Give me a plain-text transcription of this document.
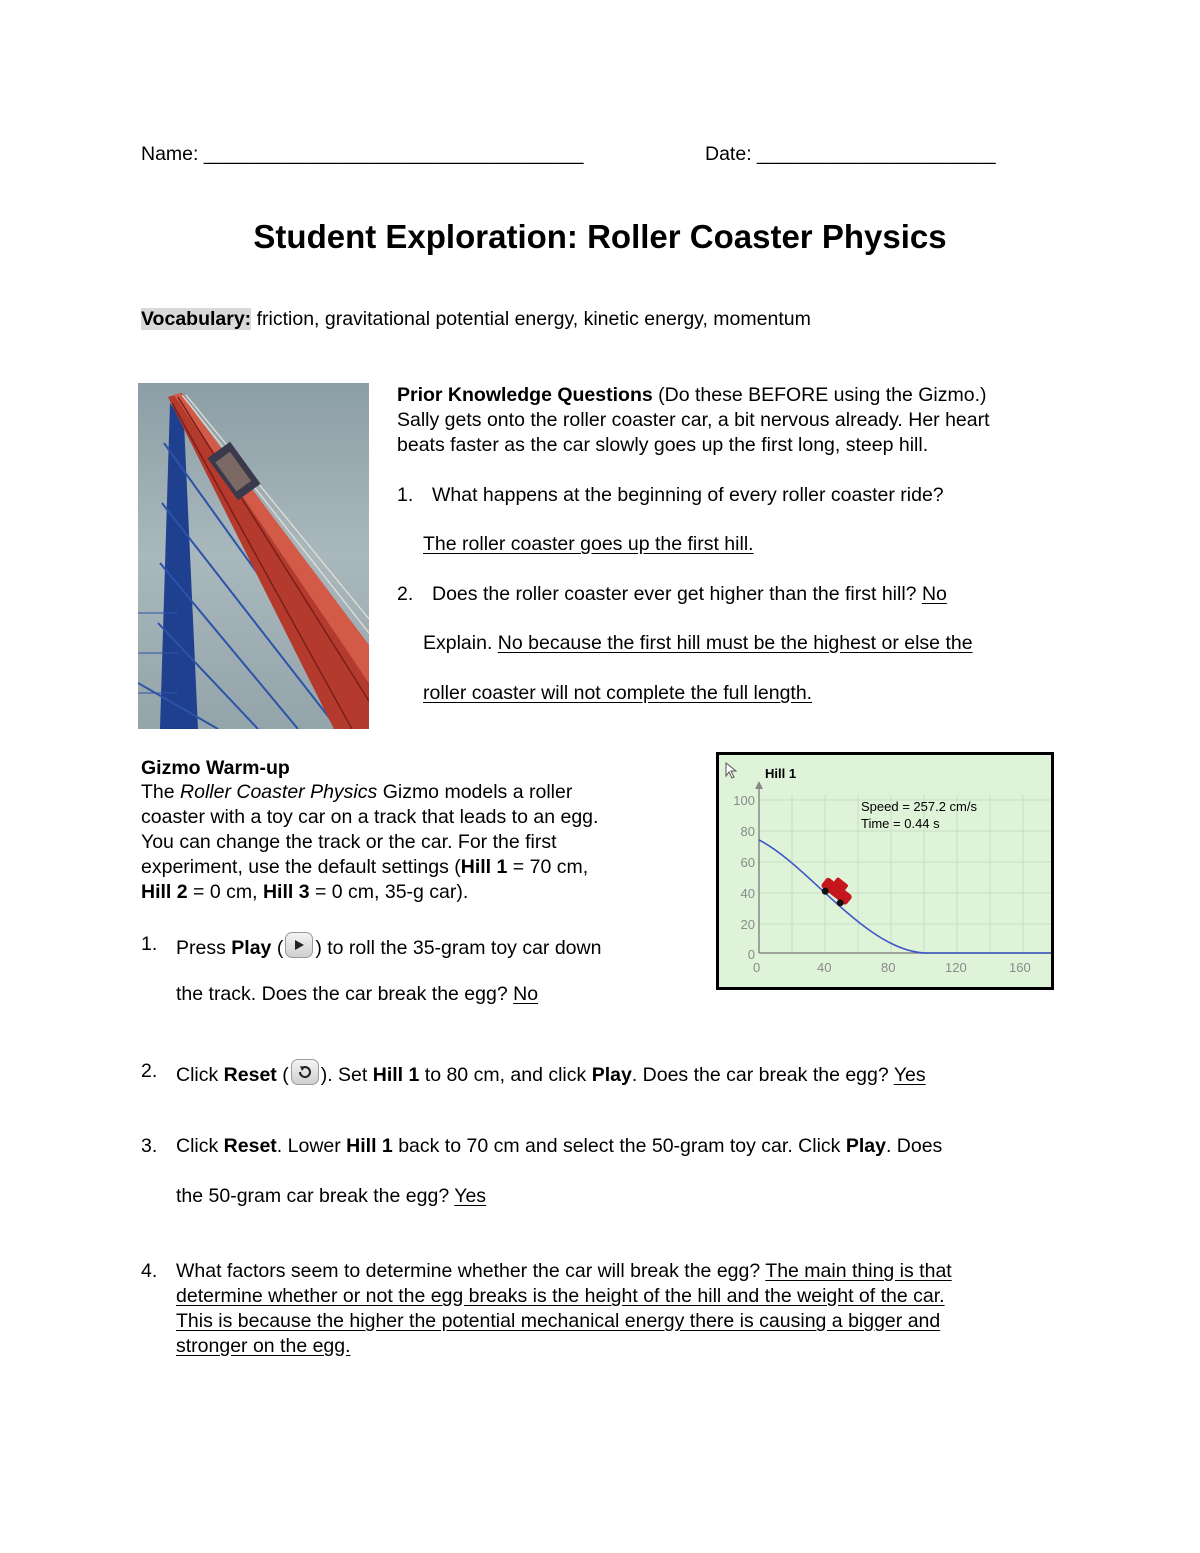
Name: ___________________________________	Date: ______________________
Student Exploration: Roller Coaster Physics
Vocabulary: friction, gravitational potential energy, kinetic energy, momentum
Prior Knowledge Questions (Do these BEFORE using the Gizmo.)
Sally gets onto the roller coaster car, a bit nervous already. Her heart
beats faster as the car slowly goes up the first long, steep hill.
1. What happens at the beginning of every roller coaster ride?
The roller coaster goes up the first hill.
2. Does the roller coaster ever get higher than the first hill? No
Explain. No because the first hill must be the highest or else the
roller coaster will not complete the full length.
Gizmo Warm-up
The Roller Coaster Physics Gizmo models a roller
coaster with a toy car on a track that leads to an egg.
You can change the track or the car. For the first
experiment, use the default settings (Hill 1 = 70 cm,
Hill 2 = 0 cm, Hill 3 = 0 cm, 35-g car).
1. Press Play ( ) to roll the 35-gram toy car down
the track. Does the car break the egg? No
2. Click Reset ( ). Set Hill 1 to 80 cm, and click Play. Does the car break the egg? Yes
3. Click Reset. Lower Hill 1 back to 70 cm and select the 50-gram toy car. Click Play. Does
the 50-gram car break the egg? Yes
4. What factors seem to determine whether the car will break the egg? The main thing is that
determine whether or not the egg breaks is the height of the hill and the weight of the car.
This is because the higher the potential mechanical energy there is causing a bigger and
stronger on the egg.
Hill 1
Speed = 257.2 cm/s
Time = 0.44 s
100
80
60
40
20
0
0	40	80	120	160
